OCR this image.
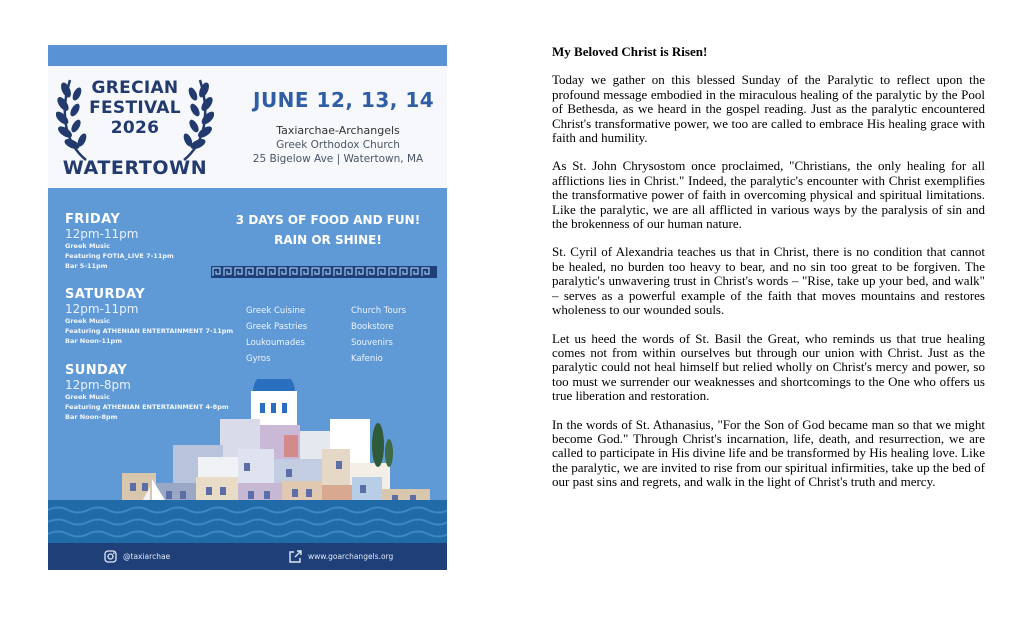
GRECIAN
FESTIVAL
2026
WATERTOWN
JUNE 12, 13, 14
Taxiarchae-Archangels
Greek Orthodox Church
25 Bigelow Ave | Watertown, MA
FRIDAY
12pm-11pm
Greek Music
Featuring FOTIA_LIVE 7-11pm
Bar 5-11pm
SATURDAY
12pm-11pm
Greek Music
Featuring ATHENIAN ENTERTAINMENT 7-11pm
Bar Noon-11pm
SUNDAY
12pm-8pm
Greek Music
Featuring ATHENIAN ENTERTAINMENT 4-8pm
Bar Noon-8pm
3 DAYS OF FOOD AND FUN!
RAIN OR SHINE!
Greek Cuisine
Greek Pastries
Loukoumades
Gyros
Church Tours
Bookstore
Souvenirs
Kafenio
@taxiarchae	www.goarchangels.org
My Beloved Christ is Risen!

Today we gather on this blessed Sunday of the Paralytic to reflect upon the profound message embodied in the miraculous healing of the paralytic by the Pool of Bethesda, as we heard in the gospel reading. Just as the paralytic encountered Christ's transformative power, we too are called to embrace His healing grace with faith and humility.

As St. John Chrysostom once proclaimed, "Christians, the only healing for all afflictions lies in Christ." Indeed, the paralytic's encounter with Christ exemplifies the transformative power of faith in overcoming physical and spiritual limitations. Like the paralytic, we are all afflicted in various ways by the paralysis of sin and the brokenness of our human nature.

St. Cyril of Alexandria teaches us that in Christ, there is no condition that cannot be healed, no burden too heavy to bear, and no sin too great to be forgiven. The paralytic's unwavering trust in Christ's words – "Rise, take up your bed, and walk" – serves as a powerful example of the faith that moves mountains and restores wholeness to our wounded souls.

Let us heed the words of St. Basil the Great, who reminds us that true healing comes not from within ourselves but through our union with Christ. Just as the paralytic could not heal himself but relied wholly on Christ's mercy and power, so too must we surrender our weaknesses and shortcomings to the One who offers us true liberation and restoration.

In the words of St. Athanasius, "For the Son of God became man so that we might become God." Through Christ's incarnation, life, death, and resurrection, we are called to participate in His divine life and be transformed by His healing love. Like the paralytic, we are invited to rise from our spiritual infirmities, take up the bed of our past sins and regrets, and walk in the light of Christ's truth and mercy.
